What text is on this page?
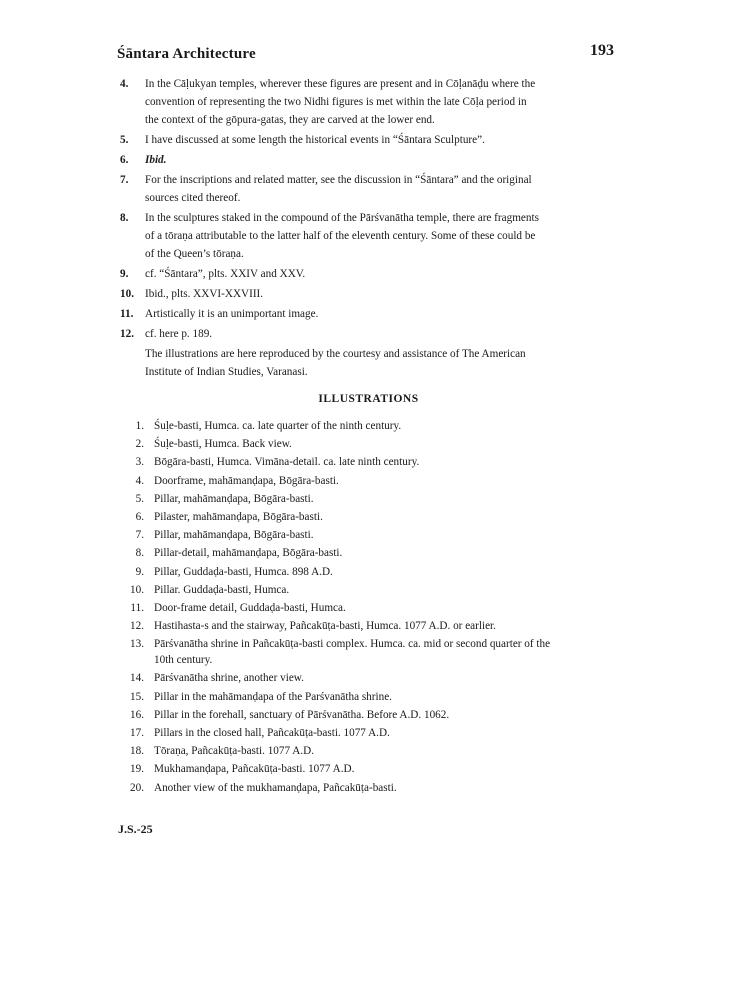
Śāntara Architecture	193
4.	In the Cāḷukyan temples, wherever these figures are present and in Cōḷanāḍu where the
convention of representing the two Nidhi figures is met within the late Cōḷa period in
the context of the gōpura-gatas, they are carved at the lower end.
5.	I have discussed at some length the historical events in “Śāntara Sculpture”.
6.	Ibid.
7.	For the inscriptions and related matter, see the discussion in “Śāntara” and the original
sources cited thereof.
8.	In the sculptures staked in the compound of the Pārśvanātha temple, there are fragments
of a tōraṇa attributable to the latter half of the eleventh century. Some of these could be
of the Queen’s tōraṇa.
9.	cf. “Śāntara”, plts. XXIV and XXV.
10. Ibid., plts. XXVI-XXVIII.
11.	Artistically it is an unimportant image.
12. cf. here p. 189.
The illustrations are here reproduced by the courtesy and assistance of The American
Institute of Indian Studies, Varanasi.
ILLUSTRATIONS
1. Śuḷe-basti, Humca. ca. late quarter of the ninth century.
2. Śuḷe-basti, Humca. Back view.
3. Bōgāra-basti, Humca. Vimāna-detail. ca. late ninth century.
4. Doorframe, mahāmanḍapa, Bōgāra-basti.
5. Pillar, mahāmanḍapa, Bōgāra-basti.
6. Pilaster, mahāmanḍapa, Bōgāra-basti.
7. Pillar, mahāmanḍapa, Bōgāra-basti.
8. Pillar-detail, mahāmanḍapa, Bōgāra-basti.
9. Pillar, Guddaḍa-basti, Humca. 898 A.D.
10. Pillar. Guddaḍa-basti, Humca.
11. Door-frame detail, Guddaḍa-basti, Humca.
12. Hastihasta-s and the stairway, Pañcakūṭa-basti, Humca. 1077 A.D. or earlier.
13. Pārśvanātha shrine in Pañcakūṭa-basti complex. Humca. ca. mid or second quarter of the
10th century.
14. Pārśvanātha shrine, another view.
15. Pillar in the mahāmanḍapa of the Parśvanātha shrine.
16. Pillar in the forehall, sanctuary of Pārśvanātha. Before A.D. 1062.
17. Pillars in the closed hall, Pañcakūṭa-basti. 1077 A.D.
18. Tōraṇa, Pañcakūṭa-basti. 1077 A.D.
19. Mukhamanḍapa, Pañcakūṭa-basti. 1077 A.D.
20. Another view of the mukhamanḍapa, Pañcakūṭa-basti.
J.S.-25
